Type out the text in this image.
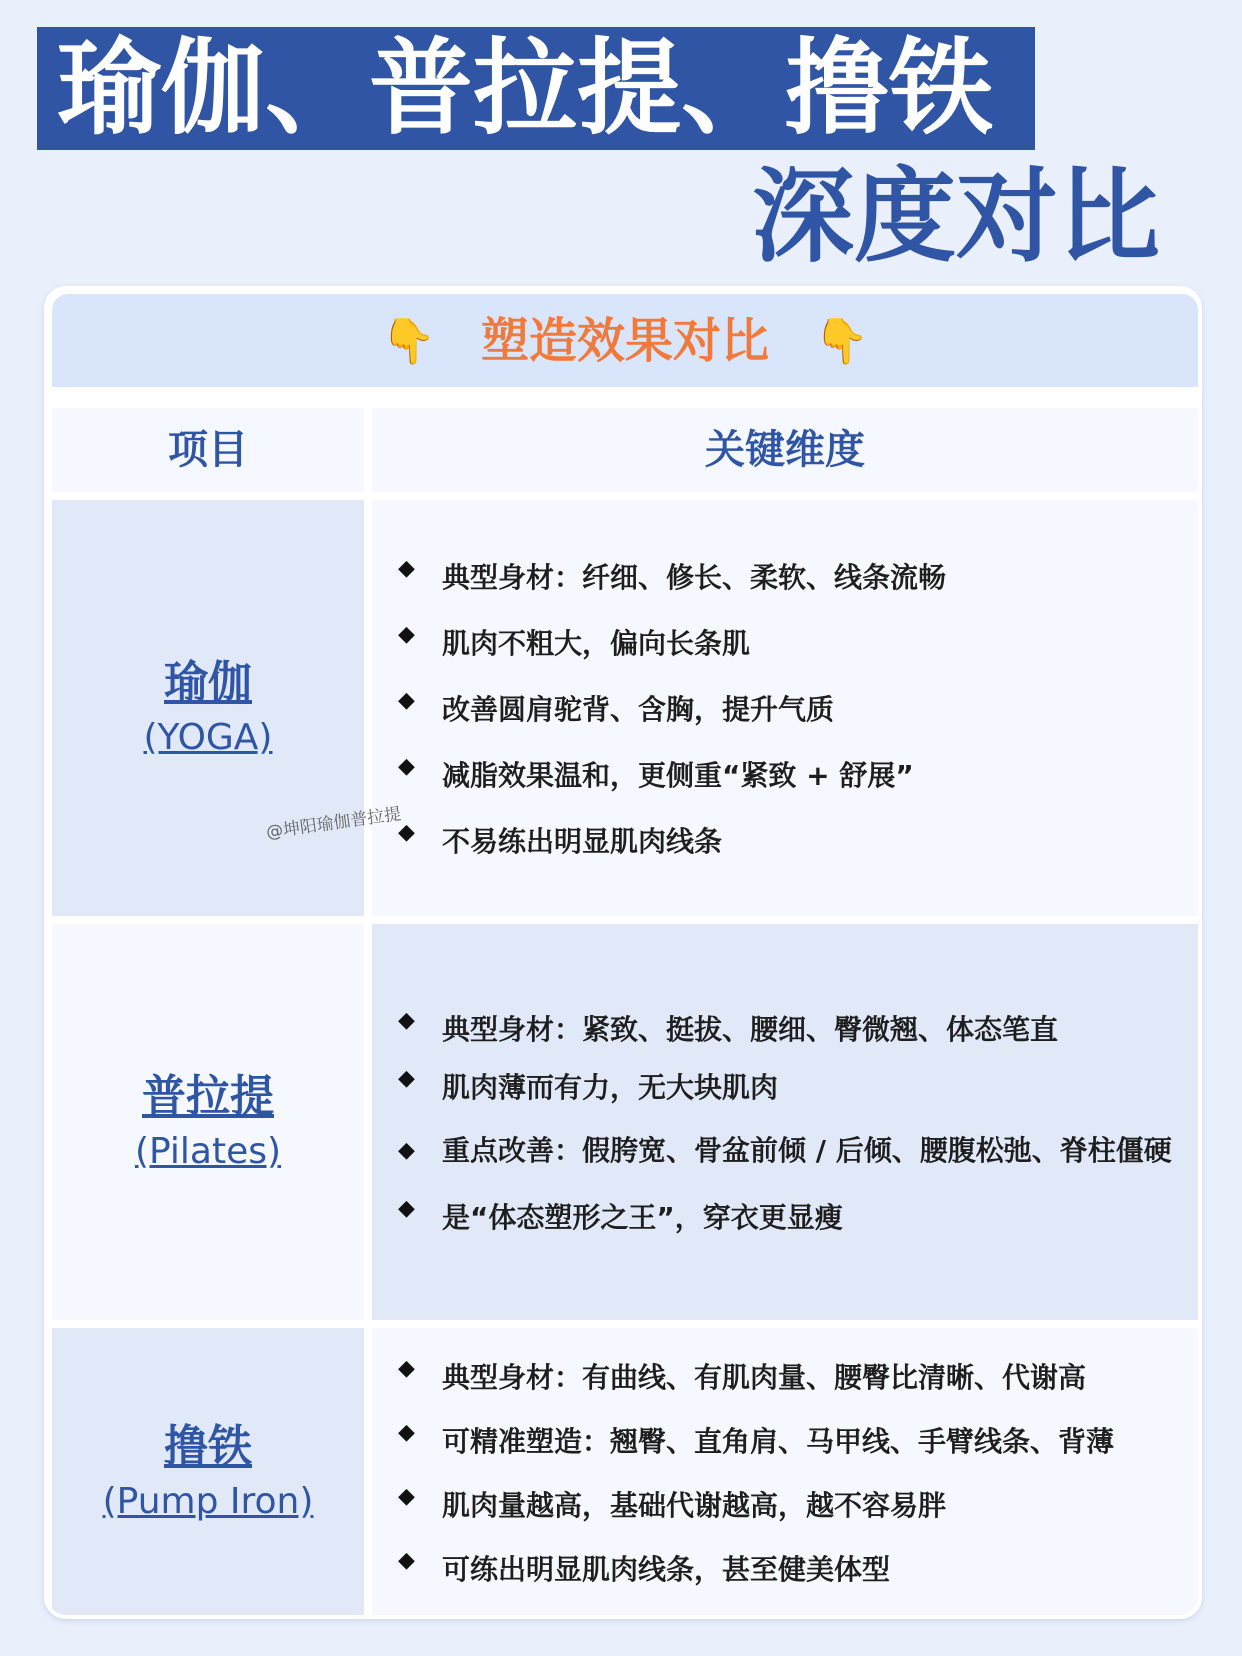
瑜伽、普拉提、撸铁
深度对比
👇 塑造效果对比 👇
项目	关键维度
瑜伽
(YOGA)
◆ 典型身材：纤细、修长、柔软、线条流畅
◆ 肌肉不粗大，偏向长条肌
◆ 改善圆肩驼背、含胸，提升气质
◆ 减脂效果温和，更侧重“紧致 + 舒展”
◆ 不易练出明显肌肉线条
普拉提
(Pilates)
◆ 典型身材：紧致、挺拔、腰细、臀微翘、体态笔直
◆ 肌肉薄而有力，无大块肌肉
◆ 重点改善：假胯宽、骨盆前倾 / 后倾、腰腹松弛、脊柱僵硬
◆ 是“体态塑形之王”，穿衣更显瘦
撸铁
(Pump Iron)
◆ 典型身材：有曲线、有肌肉量、腰臀比清晰、代谢高
◆ 可精准塑造：翘臀、直角肩、马甲线、手臂线条、背薄
◆ 肌肉量越高，基础代谢越高，越不容易胖
◆ 可练出明显肌肉线条，甚至健美体型
@坤阳瑜伽普拉提
